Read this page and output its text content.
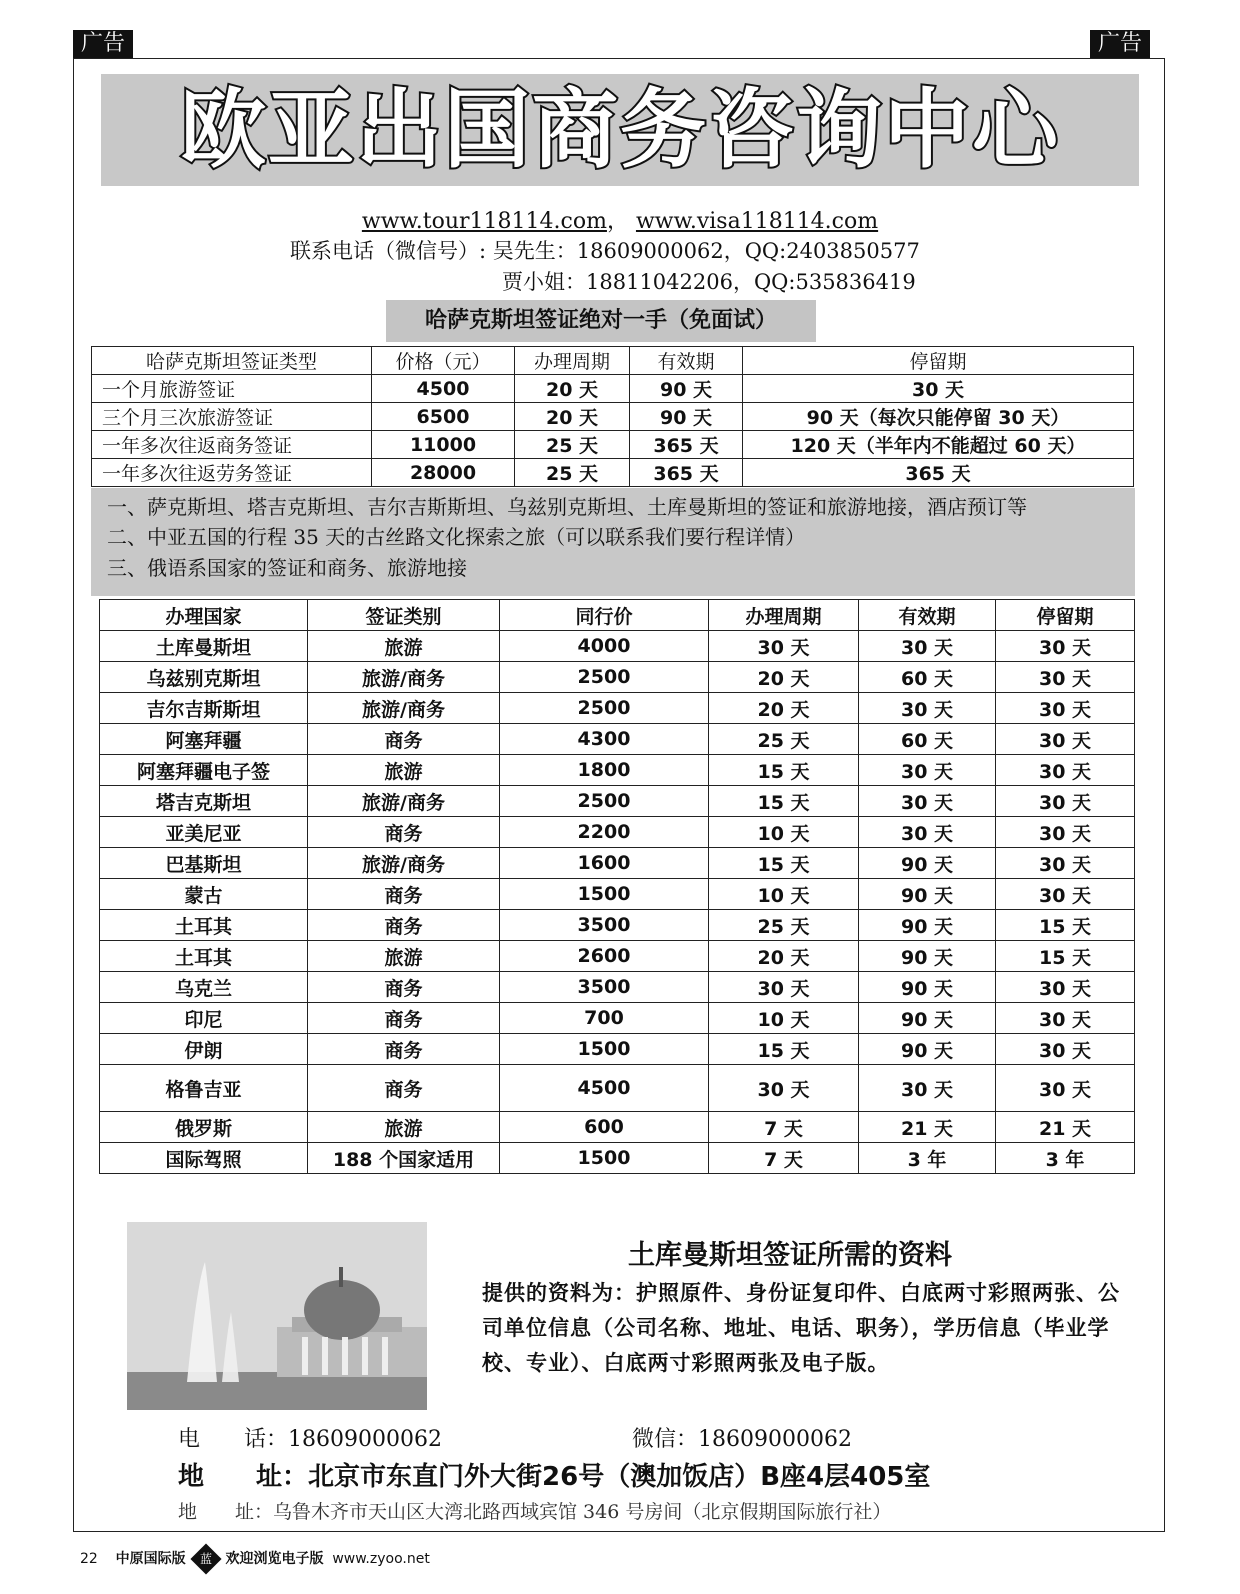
广告	广告
欧亚出国商务咨询中心
www.tour118114.com， www.visa118114.com
联系电话（微信号）: 吴先生：18609000062，QQ:2403850577
贾小姐：18811042206，QQ:535836419
哈萨克斯坦签证绝对一手（免面试）
哈萨克斯坦签证类型	价格（元）	办理周期	有效期	停留期
一个月旅游签证	4500	20 天	90 天	30 天
三个月三次旅游签证	6500	20 天	90 天	90 天（每次只能停留 30 天）
一年多次往返商务签证	11000	25 天	365 天	120 天（半年内不能超过 60 天）
一年多次往返劳务签证	28000	25 天	365 天	365 天
一、萨克斯坦、塔吉克斯坦、吉尔吉斯斯坦、乌兹别克斯坦、土库曼斯坦的签证和旅游地接，酒店预订等
二、中亚五国的行程 35 天的古丝路文化探索之旅（可以联系我们要行程详情）
三、俄语系国家的签证和商务、旅游地接
办理国家	签证类别	同行价	办理周期	有效期	停留期
土库曼斯坦	旅游	4000	30 天	30 天	30 天
乌兹别克斯坦	旅游/商务	2500	20 天	60 天	30 天
吉尔吉斯斯坦	旅游/商务	2500	20 天	30 天	30 天
阿塞拜疆	商务	4300	25 天	60 天	30 天
阿塞拜疆电子签	旅游	1800	15 天	30 天	30 天
塔吉克斯坦	旅游/商务	2500	15 天	30 天	30 天
亚美尼亚	商务	2200	10 天	30 天	30 天
巴基斯坦	旅游/商务	1600	15 天	90 天	30 天
蒙古	商务	1500	10 天	90 天	30 天
土耳其	商务	3500	25 天	90 天	15 天
土耳其	旅游	2600	20 天	90 天	15 天
乌克兰	商务	3500	30 天	90 天	30 天
印尼	商务	700	10 天	90 天	30 天
伊朗	商务	1500	15 天	90 天	30 天
格鲁吉亚	商务	4500	30 天	30 天	30 天
俄罗斯	旅游	600	7 天	21 天	21 天
国际驾照	188 个国家适用	1500	7 天	3 年	3 年
土库曼斯坦签证所需的资料
提供的资料为：护照原件、身份证复印件、白底两寸彩照两张、公司单位信息（公司名称、地址、电话、职务），学历信息（毕业学校、专业）、白底两寸彩照两张及电子版。
电　　话：18609000062	微信：18609000062
地　　址：北京市东直门外大街26号（澳加饭店）B座4层405室
地　　址：乌鲁木齐市天山区大湾北路西域宾馆 346 号房间（北京假期国际旅行社）
22 中原国际版 蓝 欢迎浏览电子版 www.zyoo.net
